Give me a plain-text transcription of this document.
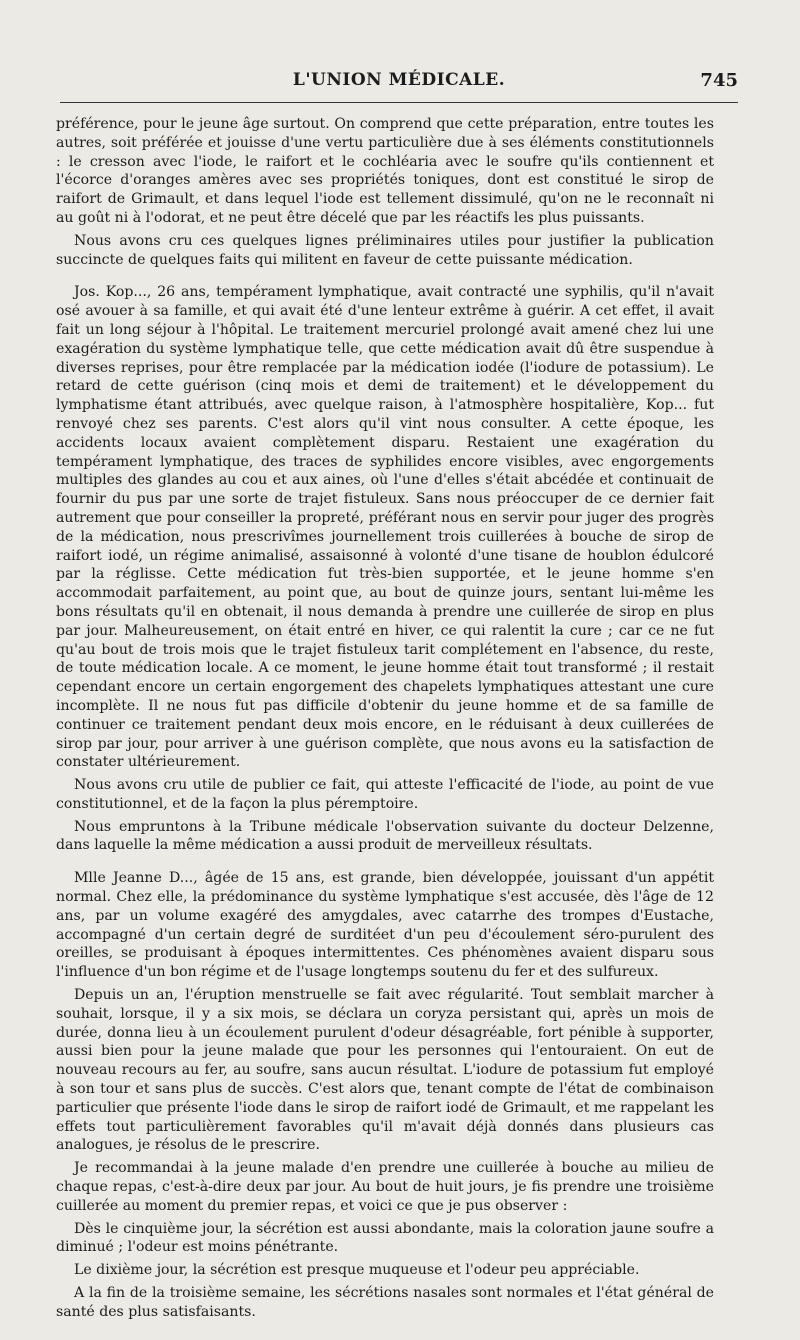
L'UNION MÉDICALE.	745

préférence, pour le jeune âge surtout. On comprend que cette préparation, entre toutes les autres, soit préférée et jouisse d'une vertu particulière due à ses éléments constitutionnels : le cresson avec l'iode, le raifort et le cochléaria avec le soufre qu'ils contiennent et l'écorce d'oranges amères avec ses propriétés toniques, dont est constitué le sirop de raifort de Grimault, et dans lequel l'iode est tellement dissimulé, qu'on ne le reconnaît ni au goût ni à l'odorat, et ne peut être décelé que par les réactifs les plus puissants.

Nous avons cru ces quelques lignes préliminaires utiles pour justifier la publication succincte de quelques faits qui militent en faveur de cette puissante médication.

Jos. Kop..., 26 ans, tempérament lymphatique, avait contracté une syphilis, qu'il n'avait osé avouer à sa famille, et qui avait été d'une lenteur extrême à guérir. A cet effet, il avait fait un long séjour à l'hôpital. Le traitement mercuriel prolongé avait amené chez lui une exagération du système lymphatique telle, que cette médication avait dû être suspendue à diverses reprises, pour être remplacée par la médication iodée (l'iodure de potassium). Le retard de cette guérison (cinq mois et demi de traitement) et le développement du lymphatisme étant attribués, avec quelque raison, à l'atmosphère hospitalière, Kop... fut renvoyé chez ses parents. C'est alors qu'il vint nous consulter. A cette époque, les accidents locaux avaient complètement disparu. Restaient une exagération du tempérament lymphatique, des traces de syphilides encore visibles, avec engorgements multiples des glandes au cou et aux aines, où l'une d'elles s'était abcédée et continuait de fournir du pus par une sorte de trajet fistuleux. Sans nous préoccuper de ce dernier fait autrement que pour conseiller la propreté, préférant nous en servir pour juger des progrès de la médication, nous prescrivîmes journellement trois cuillerées à bouche de sirop de raifort iodé, un régime animalisé, assaisonné à volonté d'une tisane de houblon édulcoré par la réglisse. Cette médication fut très-bien supportée, et le jeune homme s'en accommodait parfaitement, au point que, au bout de quinze jours, sentant lui-même les bons résultats qu'il en obtenait, il nous demanda à prendre une cuillerée de sirop en plus par jour. Malheureusement, on était entré en hiver, ce qui ralentit la cure ; car ce ne fut qu'au bout de trois mois que le trajet fistuleux tarit complétement en l'absence, du reste, de toute médication locale. A ce moment, le jeune homme était tout transformé ; il restait cependant encore un certain engorgement des chapelets lymphatiques attestant une cure incomplète. Il ne nous fut pas difficile d'obtenir du jeune homme et de sa famille de continuer ce traitement pendant deux mois encore, en le réduisant à deux cuillerées de sirop par jour, pour arriver à une guérison complète, que nous avons eu la satisfaction de constater ultérieurement.

Nous avons cru utile de publier ce fait, qui atteste l'efficacité de l'iode, au point de vue constitutionnel, et de la façon la plus péremptoire.

Nous empruntons à la Tribune médicale l'observation suivante du docteur Delzenne, dans laquelle la même médication a aussi produit de merveilleux résultats.

Mlle Jeanne D..., âgée de 15 ans, est grande, bien développée, jouissant d'un appétit normal. Chez elle, la prédominance du système lymphatique s'est accusée, dès l'âge de 12 ans, par un volume exagéré des amygdales, avec catarrhe des trompes d'Eustache, accompagné d'un certain degré de surditéet d'un peu d'écoulement séro-purulent des oreilles, se produisant à époques intermittentes. Ces phénomènes avaient disparu sous l'influence d'un bon régime et de l'usage longtemps soutenu du fer et des sulfureux.

Depuis un an, l'éruption menstruelle se fait avec régularité. Tout semblait marcher à souhait, lorsque, il y a six mois, se déclara un coryza persistant qui, après un mois de durée, donna lieu à un écoulement purulent d'odeur désagréable, fort pénible à supporter, aussi bien pour la jeune malade que pour les personnes qui l'entouraient. On eut de nouveau recours au fer, au soufre, sans aucun résultat. L'iodure de potassium fut employé à son tour et sans plus de succès. C'est alors que, tenant compte de l'état de combinaison particulier que présente l'iode dans le sirop de raifort iodé de Grimault, et me rappelant les effets tout particulièrement favorables qu'il m'avait déjà donnés dans plusieurs cas analogues, je résolus de le prescrire.

Je recommandai à la jeune malade d'en prendre une cuillerée à bouche au milieu de chaque repas, c'est-à-dire deux par jour. Au bout de huit jours, je fis prendre une troisième cuillerée au moment du premier repas, et voici ce que je pus observer :

Dès le cinquième jour, la sécrétion est aussi abondante, mais la coloration jaune soufre a diminué ; l'odeur est moins pénétrante.

Le dixième jour, la sécrétion est presque muqueuse et l'odeur peu appréciable.

A la fin de la troisième semaine, les sécrétions nasales sont normales et l'état général de santé des plus satisfaisants.
